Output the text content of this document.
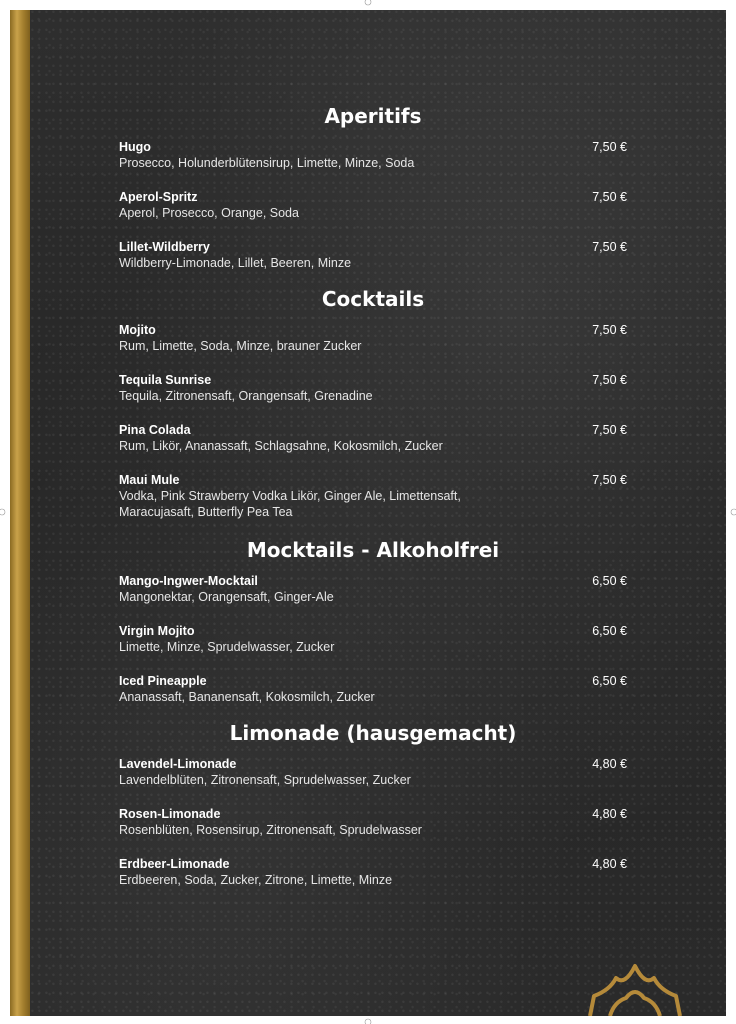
Aperitifs
Hugo
Prosecco, Holunderblütensirup, Limette, Minze, Soda
7,50 €
Aperol-Spritz
Aperol, Prosecco, Orange, Soda
7,50 €
Lillet-Wildberry
Wildberry-Limonade, Lillet, Beeren, Minze
7,50 €
Cocktails
Mojito
Rum, Limette, Soda, Minze, brauner Zucker
7,50 €
Tequila Sunrise
Tequila, Zitronensaft, Orangensaft, Grenadine
7,50 €
Pina Colada
Rum, Likör, Ananassaft, Schlagsahne, Kokosmilch, Zucker
7,50 €
Maui Mule
Vodka, Pink Strawberry Vodka Likör, Ginger Ale, Limettensaft, Maracujasaft, Butterfly Pea Tea
7,50 €
Mocktails - Alkoholfrei
Mango-Ingwer-Mocktail
Mangonektar, Orangensaft, Ginger-Ale
6,50 €
Virgin Mojito
Limette, Minze, Sprudelwasser, Zucker
6,50 €
Iced Pineapple
Ananassaft, Bananensaft, Kokosmilch, Zucker
6,50 €
Limonade (hausgemacht)
Lavendel-Limonade
Lavendelblüten, Zitronensaft, Sprudelwasser, Zucker
4,80 €
Rosen-Limonade
Rosenblüten, Rosensirup, Zitronensaft, Sprudelwasser
4,80 €
Erdbeer-Limonade
Erdbeeren, Soda, Zucker, Zitrone, Limette, Minze
4,80 €
